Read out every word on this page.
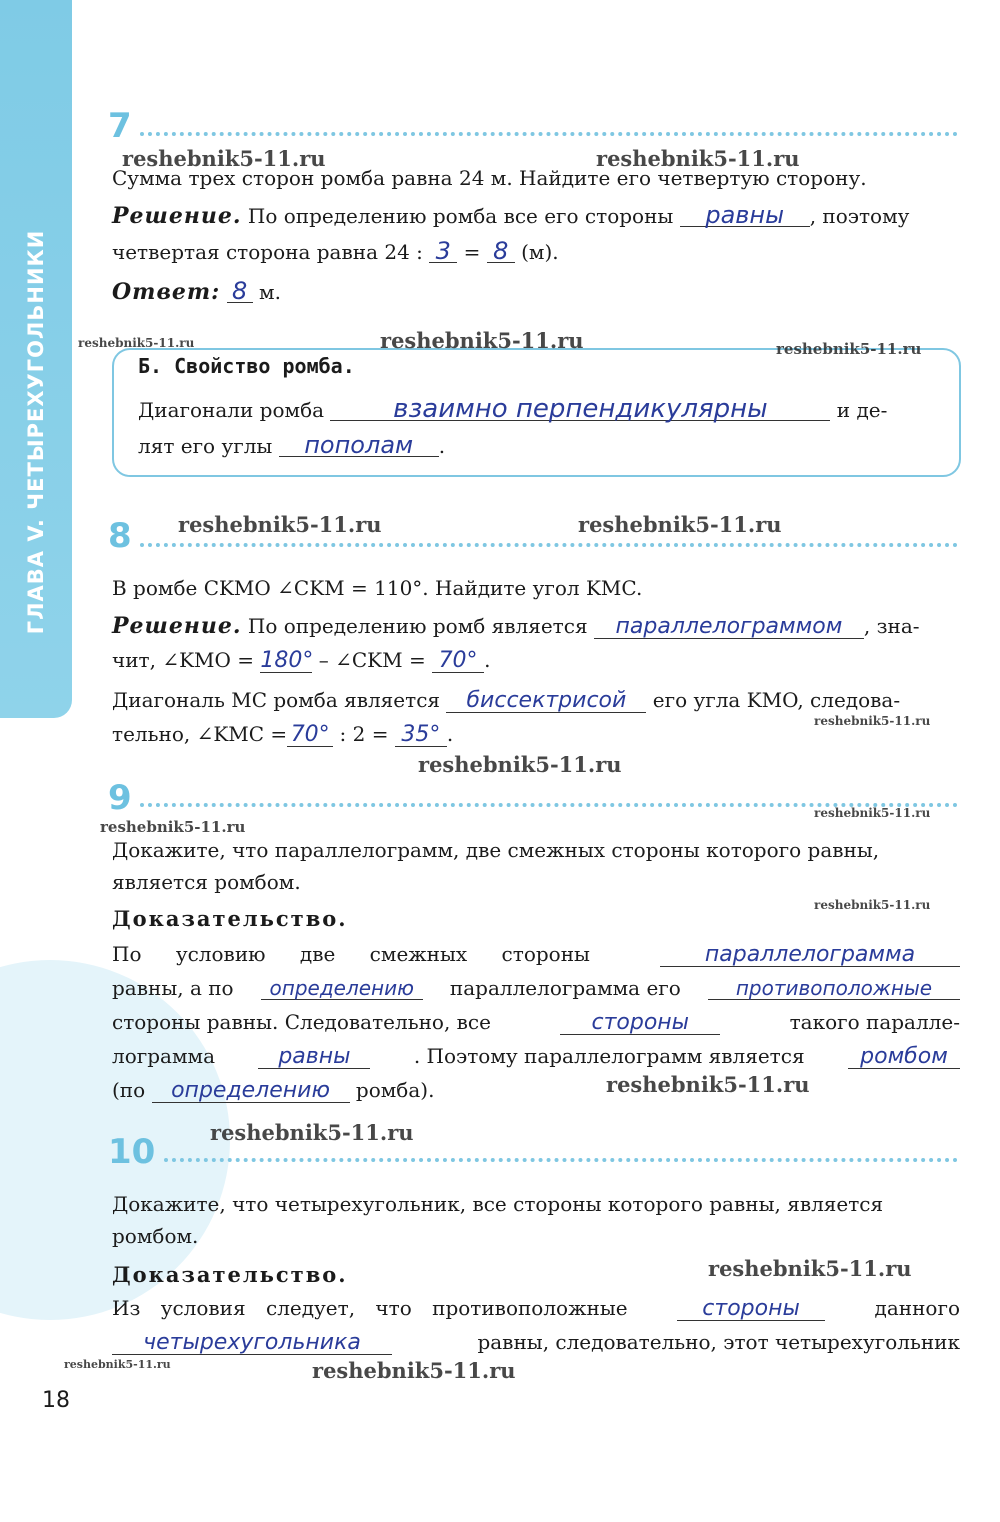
ГЛАВА V. ЧЕТЫРЕХУГОЛЬНИКИ
7
Сумма трех сторон ромба равна 24 м. Найдите его четвертую сторону.
Решение. По определению ромба все его стороны равны , поэтому
четвертая сторона равна 24 : 3 = 8 (м).
Ответ: 8 м.
Б. Свойство ромба.
Диагонали ромба	взаимно перпендикулярны	и де-
лят его углы пополам .
8
В ромбе CKMO ∠CKM = 110°. Найдите угол KMC.
Решение. По определению ромб является параллелограммом , зна-
чит, ∠KMO = 180° – ∠CKM = 70° .
Диагональ MC ромба является биссектрисой его угла KMO, следова-
тельно, ∠KMC = 70° : 2 = 35° .
9
Докажите, что параллелограмм, две смежных стороны которого равны,
является ромбом.
Доказательство.
По условию две смежных стороны	параллелограмма
равны, а по	определению	параллелограмма его	противоположные
стороны равны. Следовательно, все	стороны	такого паралле-
лограмма	равны	. Поэтому параллелограмм является	ромбом
(по определению ромба).
10
Докажите, что четырехугольник, все стороны которого равны, является
ромбом.
Доказательство.
Из условия следует, что противоположные	стороны	данного
четырехугольника	равны, следовательно, этот четырехугольник
18
reshebnik5-11.ru	reshebnik5-11.ru
reshebnik5-11.ru	reshebnik5-11.ru	reshebnik5-11.ru
reshebnik5-11.ru	reshebnik5-11.ru
reshebnik5-11.ru
reshebnik5-11.ru
reshebnik5-11.ru
reshebnik5-11.ru
reshebnik5-11.ru
reshebnik5-11.ru
reshebnik5-11.ru
reshebnik5-11.ru
reshebnik5-11.ru	reshebnik5-11.ru
